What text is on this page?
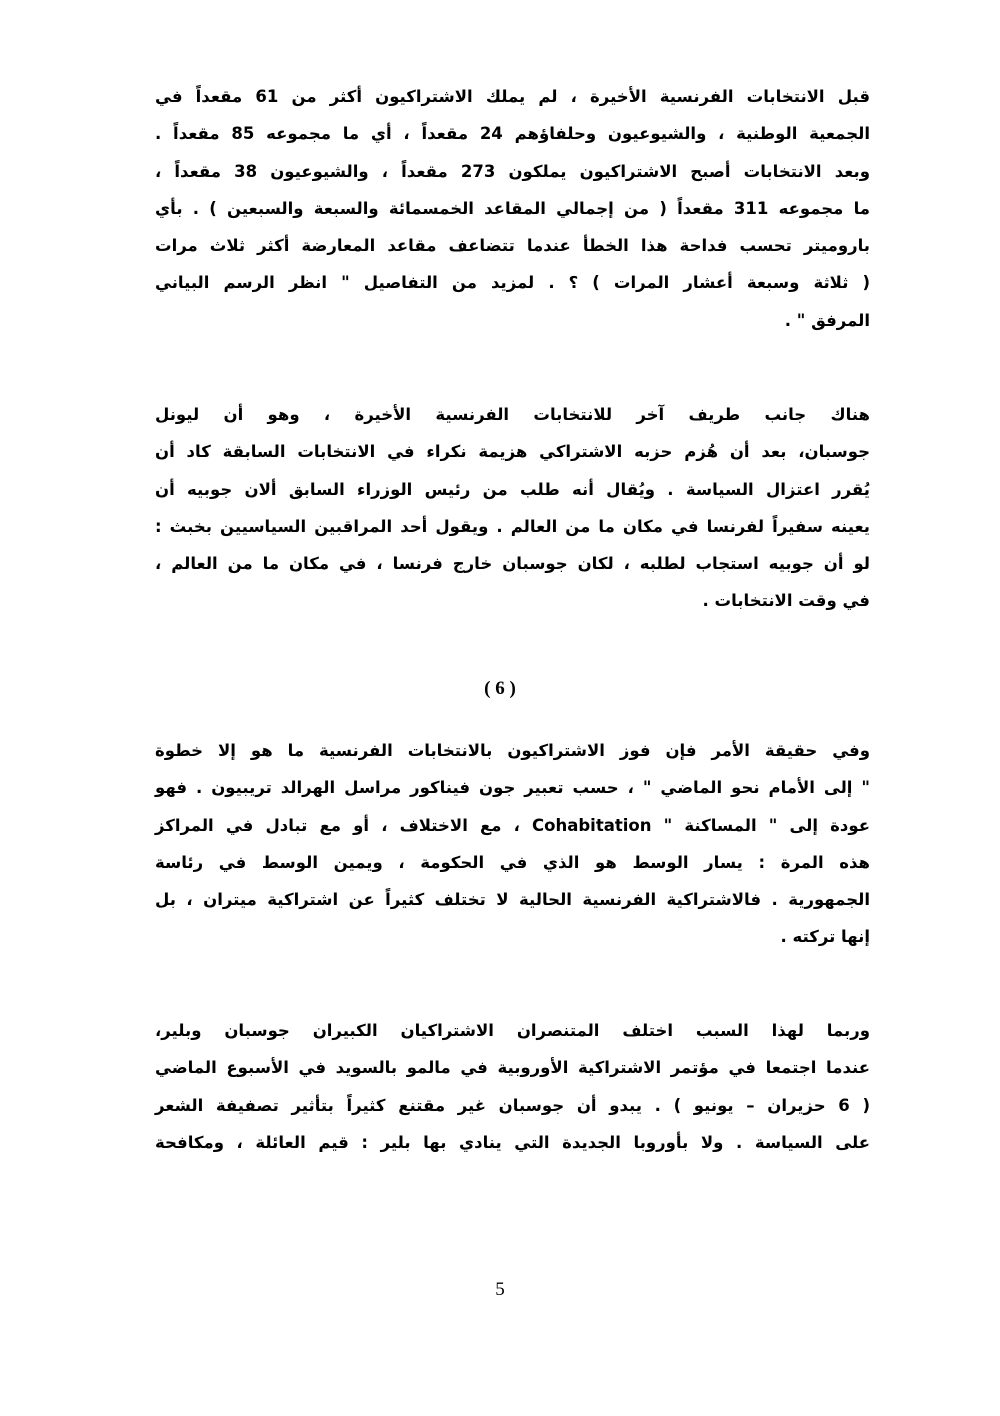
قبل الانتخابات الفرنسية الأخيرة ، لم يملك الاشتراكيون أكثر من 61 مقعداً في
الجمعية الوطنية ، والشيوعيون وحلفاؤهم 24 مقعداً ، أي ما مجموعه 85 مقعداً .
وبعد الانتخابات أصبح الاشتراكيون يملكون 273 مقعداً ، والشيوعيون 38 مقعداً ،
ما مجموعه 311 مقعداً ( من إجمالي المقاعد الخمسمائة والسبعة والسبعين ) . بأي
باروميتر تحسب فداحة هذا الخطأ عندما تتضاعف مقاعد المعارضة أكثر ثلاث مرات
( ثلاثة وسبعة أعشار المرات ) ؟ . لمزيد من التفاصيل " انظر الرسم البياني
المرفق " .
هناك جانب طريف آخر للانتخابات الفرنسية الأخيرة ، وهو أن ليونل
جوسبان، بعد أن هُزم حزبه الاشتراكي هزيمة نكراء في الانتخابات السابقة كاد أن
يُقرر اعتزال السياسة . ويُقال أنه طلب من رئيس الوزراء السابق ألان جوبيه أن
يعينه سفيراً لفرنسا في مكان ما من العالم . ويقول أحد المراقبين السياسيين بخبث :
لو أن جوبيه استجاب لطلبه ، لكان جوسبان خارج فرنسا ، في مكان ما من العالم ،
في وقت الانتخابات .
( 6 )
وفي حقيقة الأمر فإن فوز الاشتراكيون بالانتخابات الفرنسية ما هو إلا خطوة
" إلى الأمام نحو الماضي " ، حسب تعبير جون فيناكور مراسل الهرالد تريبيون . فهو
عودة إلى " المساكنة " Cohabitation ، مع الاختلاف ، أو مع تبادل في المراكز
هذه المرة : يسار الوسط هو الذي في الحكومة ، ويمين الوسط في رئاسة
الجمهورية . فالاشتراكية الفرنسية الحالية لا تختلف كثيراً عن اشتراكية ميتران ، بل
إنها تركته .
وربما لهذا السبب اختلف المتنصران الاشتراكيان الكبيران جوسبان وبلير،
عندما اجتمعا في مؤتمر الاشتراكية الأوروبية في مالمو بالسويد في الأسبوع الماضي
( 6 حزيران – يونيو ) . يبدو أن جوسبان غير مقتنع كثيراً بتأثير تصفيفة الشعر
على السياسة . ولا بأوروبا الجديدة التي ينادي بها بلير : قيم العائلة ، ومكافحة
5
